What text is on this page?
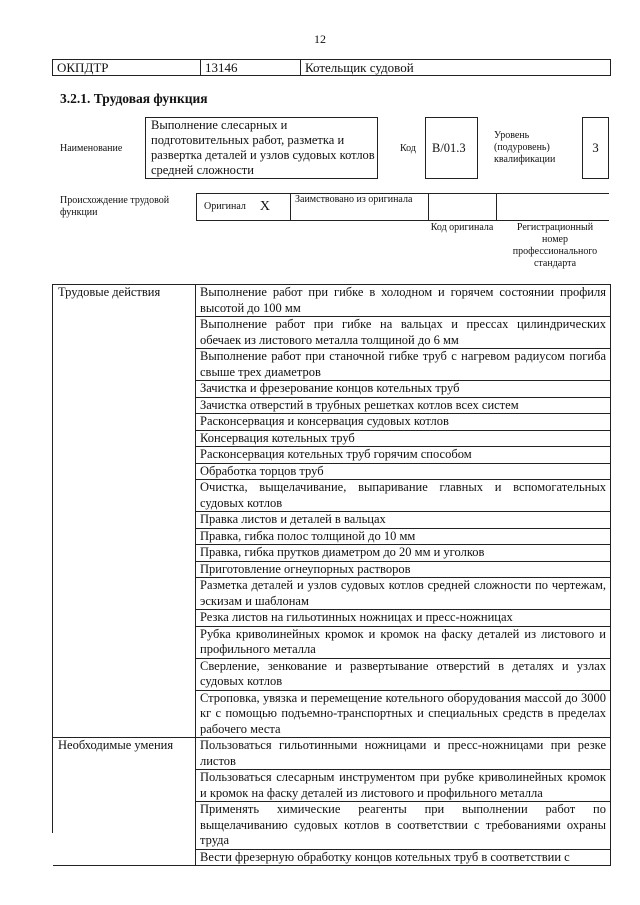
12
ОКПДТР	13146	Котельщик судовой
3.2.1. Трудовая функция
Наименование
Выполнение слесарных и подготовительных работ, разметка и развертка деталей и узлов судовых котлов средней сложности
Код	B/01.3
Уровень (подуровень) квалификации
3
Происхождение трудовой функции
Оригинал X	Заимствовано из оригинала
Код оригинала	Регистрационный номер профессионального стандарта
Трудовые действия	Выполнение работ при гибке в холодном и горячем состоянии профиля высотой до 100 мм
Выполнение работ при гибке на вальцах и прессах цилиндрических обечаек из листового металла толщиной до 6 мм
Выполнение работ при станочной гибке труб с нагревом радиусом погиба свыше трех диаметров
Зачистка и фрезерование концов котельных труб
Зачистка отверстий в трубных решетках котлов всех систем
Расконсервация и консервация судовых котлов
Консервация котельных труб
Расконсервация котельных труб горячим способом
Обработка торцов труб
Очистка, выщелачивание, выпаривание главных и вспомогательных судовых котлов
Правка листов и деталей в вальцах
Правка, гибка полос толщиной до 10 мм
Правка, гибка прутков диаметром до 20 мм и уголков
Приготовление огнеупорных растворов
Разметка деталей и узлов судовых котлов средней сложности по чертежам, эскизам и шаблонам
Резка листов на гильотинных ножницах и пресс-ножницах
Рубка криволинейных кромок и кромок на фаску деталей из листового и профильного металла
Сверление, зенкование и развертывание отверстий в деталях и узлах судовых котлов
Строповка, увязка и перемещение котельного оборудования массой до 3000 кг с помощью подъемно-транспортных и специальных средств в пределах рабочего места
Необходимые умения	Пользоваться гильотинными ножницами и пресс-ножницами при резке листов
Пользоваться слесарным инструментом при рубке криволинейных кромок и кромок на фаску деталей из листового и профильного металла
Применять химические реагенты при выполнении работ по выщелачиванию судовых котлов в соответствии с требованиями охраны труда
Вести фрезерную обработку концов котельных труб в соответствии с
